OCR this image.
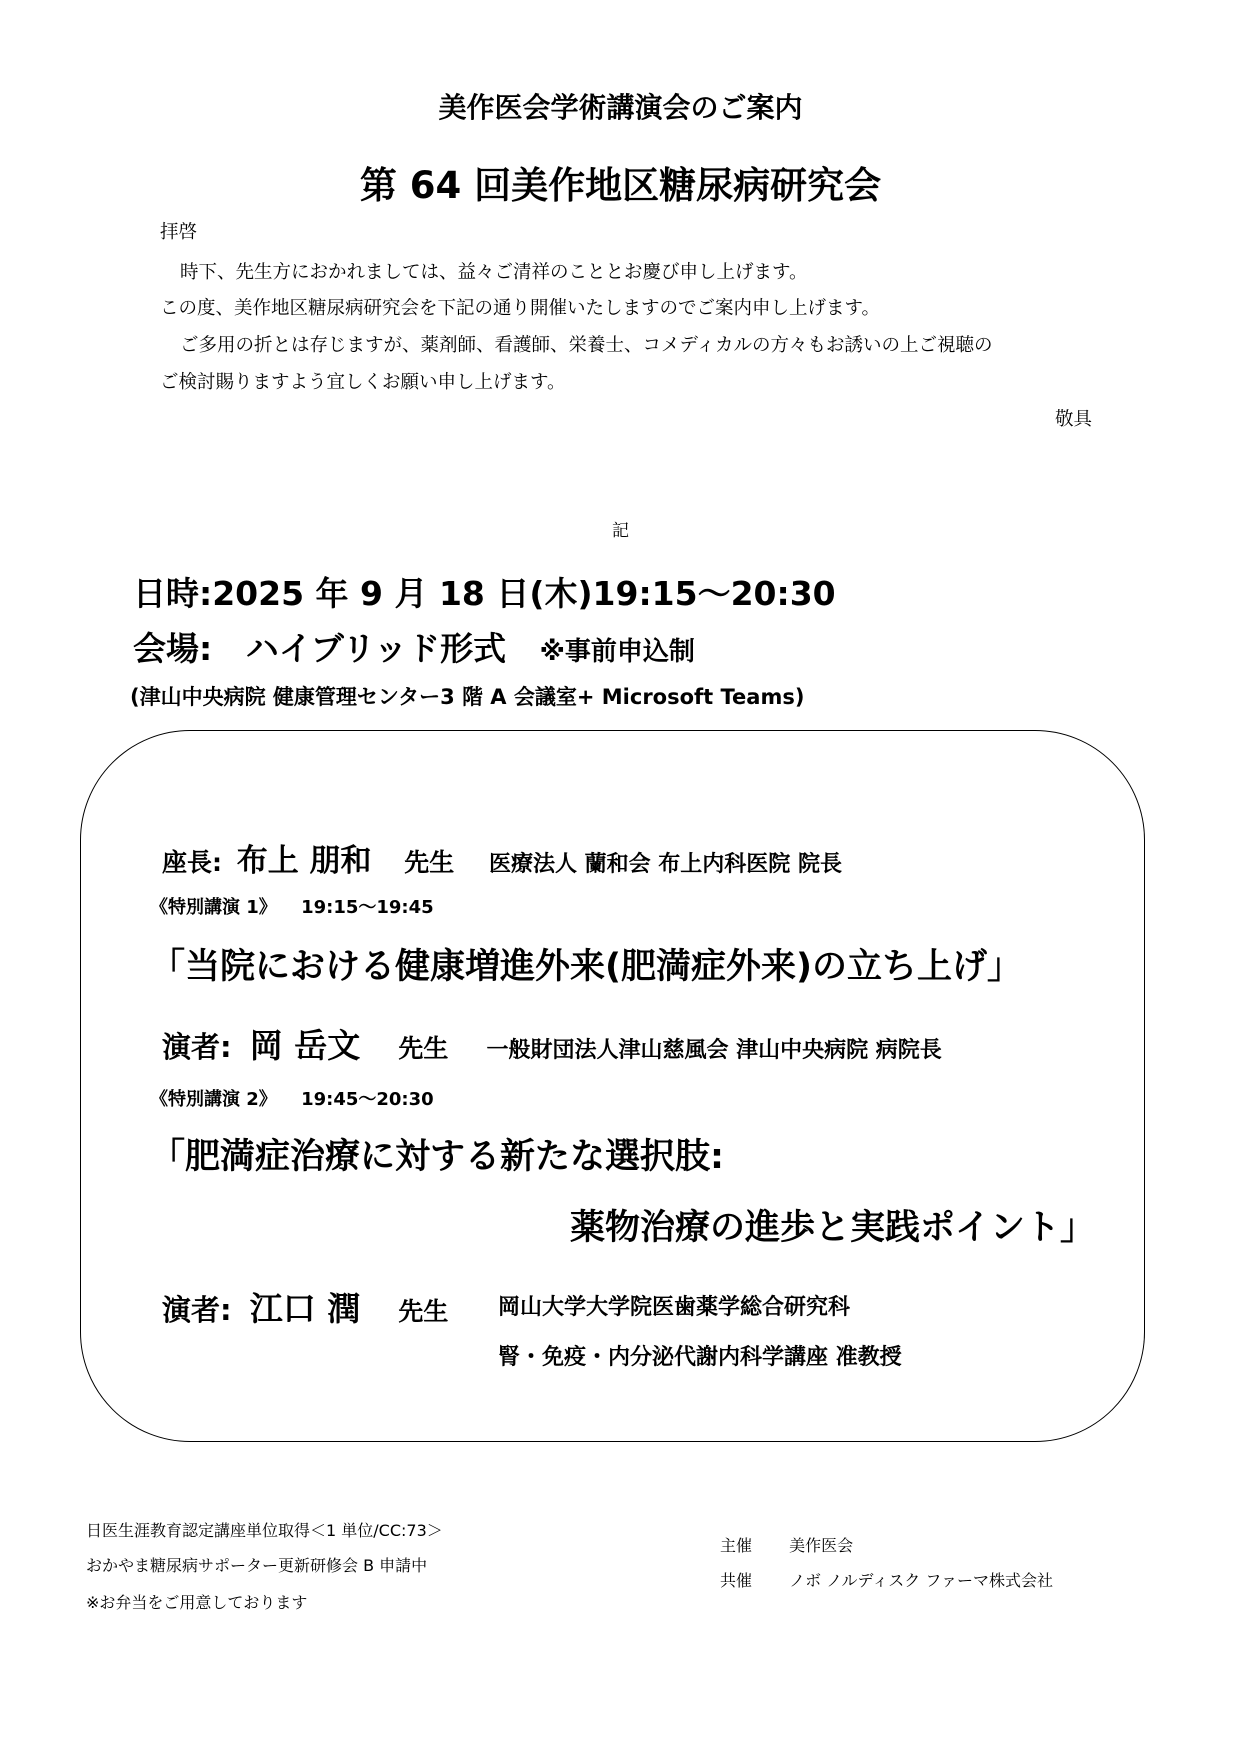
美作医会学術講演会のご案内
第 64 回美作地区糖尿病研究会
拝啓
時下、先生方におかれましては、益々ご清祥のこととお慶び申し上げます。
この度、美作地区糖尿病研究会を下記の通り開催いたしますのでご案内申し上げます。
ご多用の折とは存じますが、薬剤師、看護師、栄養士、コメディカルの方々もお誘いの上ご視聴の
ご検討賜りますよう宜しくお願い申し上げます。
敬具
記
日時:2025 年 9 月 18 日(木)19:15～20:30
会場: ハイブリッド形式 ※事前申込制
(津山中央病院 健康管理センター3 階 A 会議室+ Microsoft Teams)
座長: 布上 朋和 先生 医療法人 蘭和会 布上内科医院 院長
《特別講演 1》 19:15～19:45
「当院における健康増進外来(肥満症外来)の立ち上げ」
演者: 岡 岳文 先生 一般財団法人津山慈風会 津山中央病院 病院長
《特別講演 2》 19:45～20:30
「肥満症治療に対する新たな選択肢:
薬物治療の進歩と実践ポイント」
演者: 江口 潤 先生 岡山大学大学院医歯薬学総合研究科
腎・免疫・内分泌代謝内科学講座 准教授
日医生涯教育認定講座単位取得＜1 単位/CC:73＞
おかやま糖尿病サポーター更新研修会 B 申請中
※お弁当をご用意しております
主催 美作医会
共催 ノボ ノルディスク ファーマ株式会社
